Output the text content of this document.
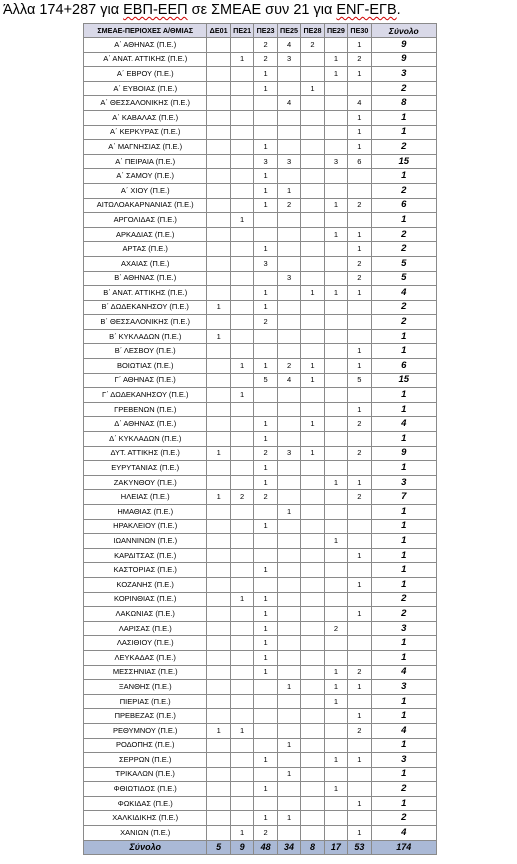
Άλλα 174+287 για ΕΒΠ-ΕΕΠ σε ΣΜΕΑΕ συν 21 για ΕΝΓ-ΕΓΒ.
ΣΜΕΑΕ-ΠΕΡΙΟΧΕΣ Α/ΘΜΙΑΣ	ΔΕ01	ΠΕ21	ΠΕ23	ΠΕ25	ΠΕ28	ΠΕ29	ΠΕ30	Σύνολο
Α΄ ΑΘΗΝΑΣ (Π.Ε.)			2	4	2		1	9
Α΄ ΑΝΑΤ. ΑΤΤΙΚΗΣ (Π.Ε.)		1	2	3		1	2	9
Α΄ ΕΒΡΟΥ (Π.Ε.)			1			1	1	3
Α΄ ΕΥΒΟΙΑΣ (Π.Ε.)			1		1			2
Α΄ ΘΕΣΣΑΛΟΝΙΚΗΣ (Π.Ε.)				4			4	8
Α΄ ΚΑΒΑΛΑΣ (Π.Ε.)							1	1
Α΄ ΚΕΡΚΥΡΑΣ (Π.Ε.)							1	1
Α΄ ΜΑΓΝΗΣΙΑΣ (Π.Ε.)			1				1	2
Α΄ ΠΕΙΡΑΙΑ (Π.Ε.)			3	3		3	6	15
Α΄ ΣΑΜΟΥ (Π.Ε.)			1					1
Α΄ ΧΙΟΥ (Π.Ε.)			1	1				2
ΑΙΤΩΛΟΑΚΑΡΝΑΝΙΑΣ (Π.Ε.)			1	2		1	2	6
ΑΡΓΟΛΙΔΑΣ (Π.Ε.)		1						1
ΑΡΚΑΔΙΑΣ (Π.Ε.)						1	1	2
ΑΡΤΑΣ (Π.Ε.)			1				1	2
ΑΧΑΙΑΣ (Π.Ε.)			3				2	5
Β΄ ΑΘΗΝΑΣ (Π.Ε.)				3			2	5
Β΄ ΑΝΑΤ. ΑΤΤΙΚΗΣ (Π.Ε.)			1		1	1	1	4
Β΄ ΔΩΔΕΚΑΝΗΣΟΥ (Π.Ε.)	1		1					2
Β΄ ΘΕΣΣΑΛΟΝΙΚΗΣ (Π.Ε.)			2					2
Β΄ ΚΥΚΛΑΔΩΝ (Π.Ε.)	1							1
Β΄ ΛΕΣΒΟΥ (Π.Ε.)							1	1
ΒΟΙΩΤΙΑΣ (Π.Ε.)		1	1	2	1		1	6
Γ΄ ΑΘΗΝΑΣ (Π.Ε.)			5	4	1		5	15
Γ΄ ΔΩΔΕΚΑΝΗΣΟΥ (Π.Ε.)		1						1
ΓΡΕΒΕΝΩΝ (Π.Ε.)							1	1
Δ΄ ΑΘΗΝΑΣ (Π.Ε.)			1		1		2	4
Δ΄ ΚΥΚΛΑΔΩΝ (Π.Ε.)			1					1
ΔΥΤ. ΑΤΤΙΚΗΣ (Π.Ε.)	1		2	3	1		2	9
ΕΥΡΥΤΑΝΙΑΣ (Π.Ε.)			1					1
ΖΑΚΥΝΘΟΥ (Π.Ε.)			1			1	1	3
ΗΛΕΙΑΣ (Π.Ε.)	1	2	2				2	7
ΗΜΑΘΙΑΣ (Π.Ε.)				1				1
ΗΡΑΚΛΕΙΟΥ (Π.Ε.)			1					1
ΙΩΑΝΝΙΝΩΝ (Π.Ε.)						1		1
ΚΑΡΔΙΤΣΑΣ (Π.Ε.)							1	1
ΚΑΣΤΟΡΙΑΣ (Π.Ε.)			1					1
ΚΟΖΑΝΗΣ (Π.Ε.)							1	1
ΚΟΡΙΝΘΙΑΣ (Π.Ε.)		1	1					2
ΛΑΚΩΝΙΑΣ (Π.Ε.)			1				1	2
ΛΑΡΙΣΑΣ (Π.Ε.)			1			2		3
ΛΑΣΙΘΙΟΥ (Π.Ε.)			1					1
ΛΕΥΚΑΔΑΣ (Π.Ε.)			1					1
ΜΕΣΣΗΝΙΑΣ (Π.Ε.)			1			1	2	4
ΞΑΝΘΗΣ (Π.Ε.)				1		1	1	3
ΠΙΕΡΙΑΣ (Π.Ε.)						1		1
ΠΡΕΒΕΖΑΣ (Π.Ε.)							1	1
ΡΕΘΥΜΝΟΥ (Π.Ε.)	1	1					2	4
ΡΟΔΟΠΗΣ (Π.Ε.)				1				1
ΣΕΡΡΩΝ (Π.Ε.)			1			1	1	3
ΤΡΙΚΑΛΩΝ (Π.Ε.)				1				1
ΦΘΙΩΤΙΔΟΣ (Π.Ε.)			1			1		2
ΦΩΚΙΔΑΣ (Π.Ε.)							1	1
ΧΑΛΚΙΔΙΚΗΣ (Π.Ε.)			1	1				2
ΧΑΝΙΩΝ (Π.Ε.)		1	2				1	4
Σύνολο	5	9	48	34	8	17	53	174
